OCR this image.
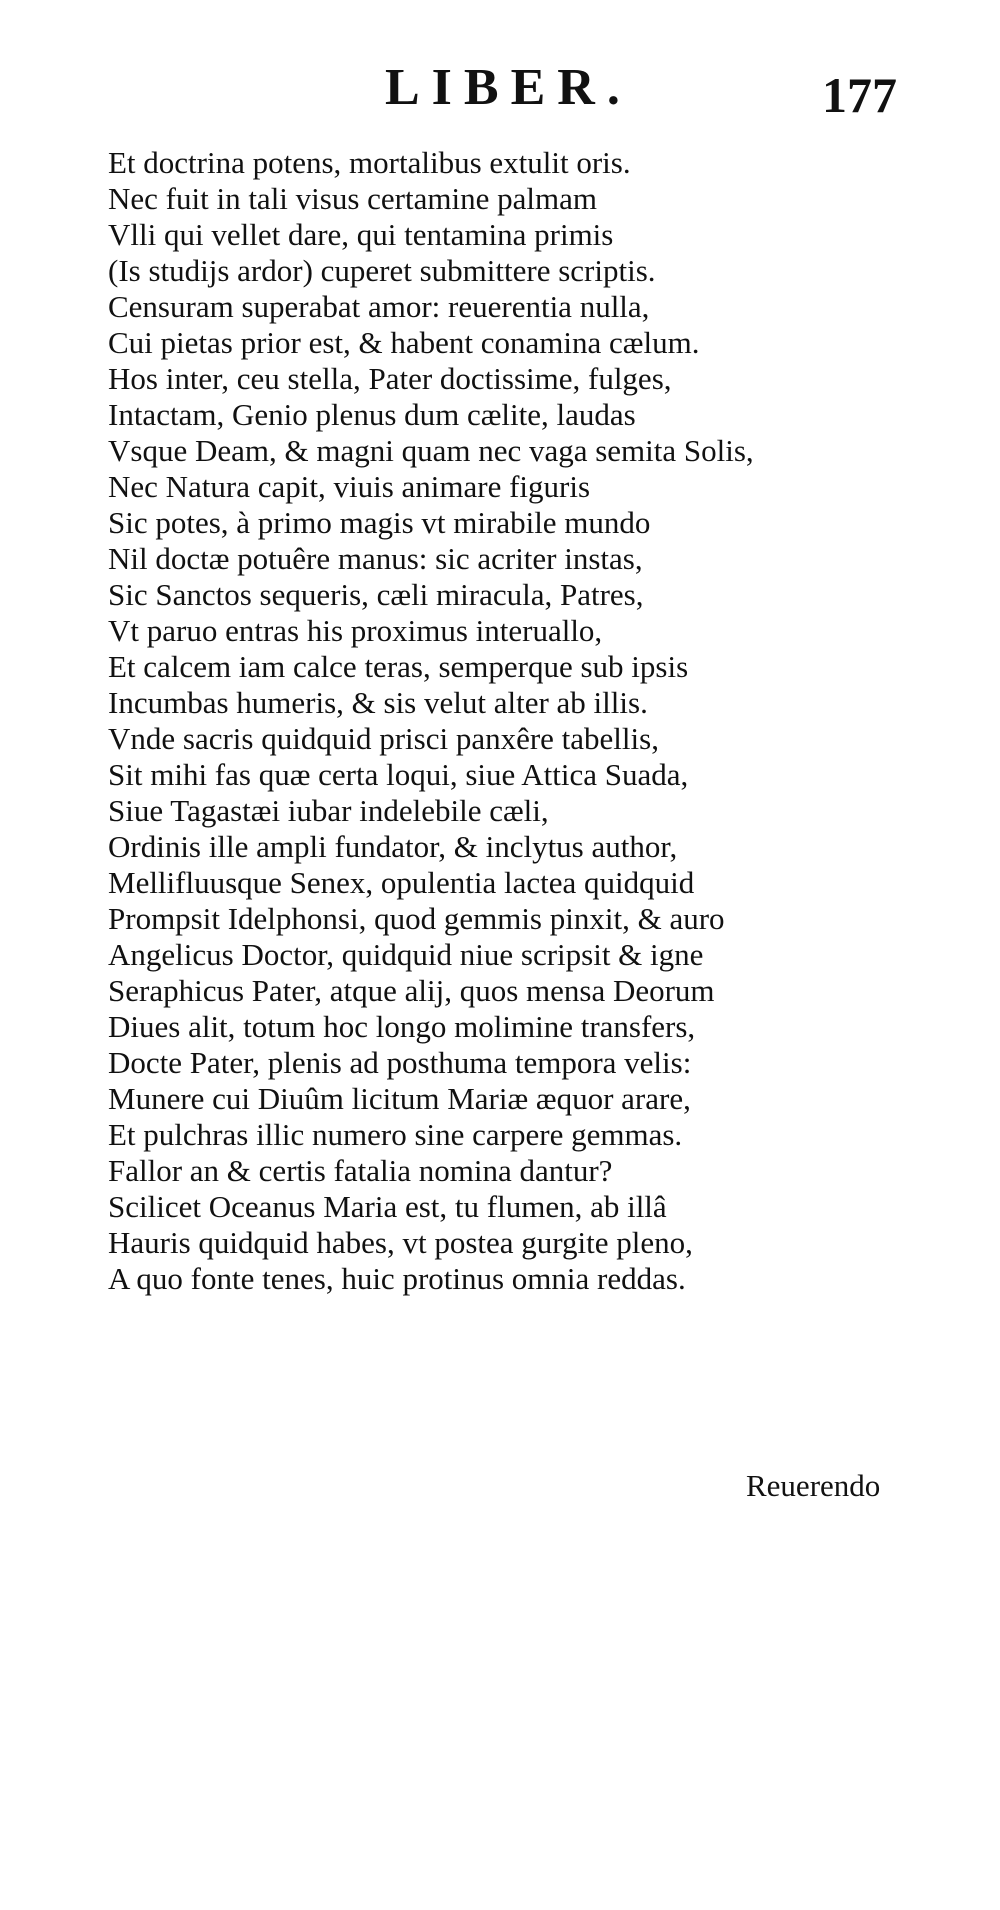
LIBER.	177
Et doctrina potens, mortalibus extulit oris.
Nec fuit in tali visus certamine palmam
Vlli qui vellet dare, qui tentamina primis
(Is studijs ardor) cuperet submittere scriptis.
Censuram superabat amor: reuerentia nulla,
Cui pietas prior est, & habent conamina cælum.
Hos inter, ceu stella, Pater doctissime, fulges,
Intactam, Genio plenus dum cælite, laudas
Vsque Deam, & magni quam nec vaga semita Solis,
Nec Natura capit, viuis animare figuris
Sic potes, à primo magis vt mirabile mundo
Nil doctæ potuêre manus: sic acriter instas,
Sic Sanctos sequeris, cæli miracula, Patres,
Vt paruo entras his proximus interuallo,
Et calcem iam calce teras, semperque sub ipsis
Incumbas humeris, & sis velut alter ab illis.
Vnde sacris quidquid prisci panxêre tabellis,
Sit mihi fas quæ certa loqui, siue Attica Suada,
Siue Tagastæi iubar indelebile cæli,
Ordinis ille ampli fundator, & inclytus author,
Mellifluusque Senex, opulentia lactea quidquid
Prompsit Idelphonsi, quod gemmis pinxit, & auro
Angelicus Doctor, quidquid niue scripsit & igne
Seraphicus Pater, atque alij, quos mensa Deorum
Diues alit, totum hoc longo molimine transfers,
Docte Pater, plenis ad posthuma tempora velis:
Munere cui Diuûm licitum Mariæ æquor arare,
Et pulchras illic numero sine carpere gemmas.
Fallor an & certis fatalia nomina dantur?
Scilicet Oceanus Maria est, tu flumen, ab illâ
Hauris quidquid habes, vt postea gurgite pleno,
A quo fonte tenes, huic protinus omnia reddas.
Reuerendo
